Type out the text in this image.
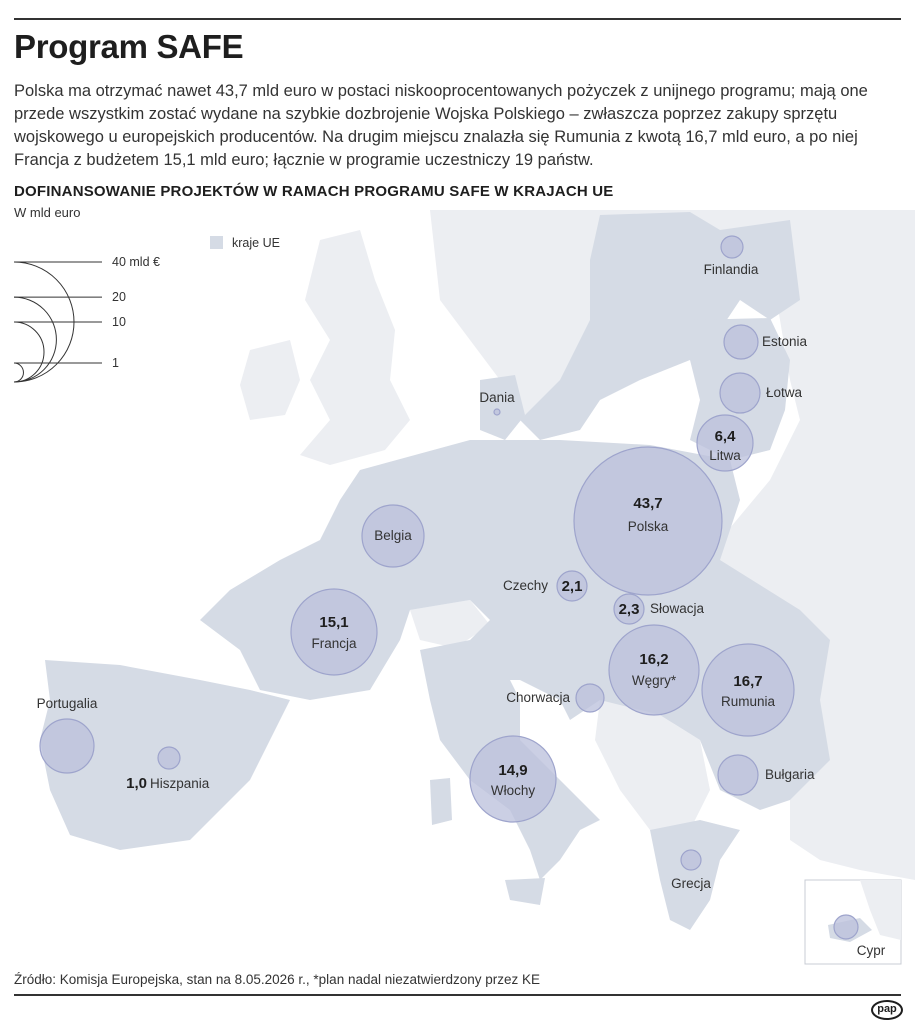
Program SAFE

Polska ma otrzymać nawet 43,7 mld euro w postaci niskooprocentowanych pożyczek z unijnego programu; mają one przede wszystkim zostać wydane na szybkie dozbrojenie Wojska Polskiego – zwłaszcza poprzez zakupy sprzętu wojskowego u europejskich producentów. Na drugim miejscu znalazła się Rumunia z kwotą 16,7 mld euro, a po niej Francja z budżetem 15,1 mld euro; łącznie w programie uczestniczy 19 państw.

DOFINANSOWANIE PROJEKTÓW W RAMACH PROGRAMU SAFE W KRAJACH UE

W mld euro
40 mld €
20
10
1
kraje UE
Finlandia
Estonia
Łotwa
Litwa
6,4
Polska
43,7
Dania
Belgia
Czechy 2,1
Słowacja
2,3
Francja
15,1
Węgry*
16,2
Rumunia
16,7
Chorwacja
Portugalia
Hiszpania
1,0	Włochy
14,9	Bułgaria
Grecja
Cypr
Źródło: Komisja Europejska, stan na 8.05.2026 r., *plan nadal niezatwierdzony przez KE
pap
